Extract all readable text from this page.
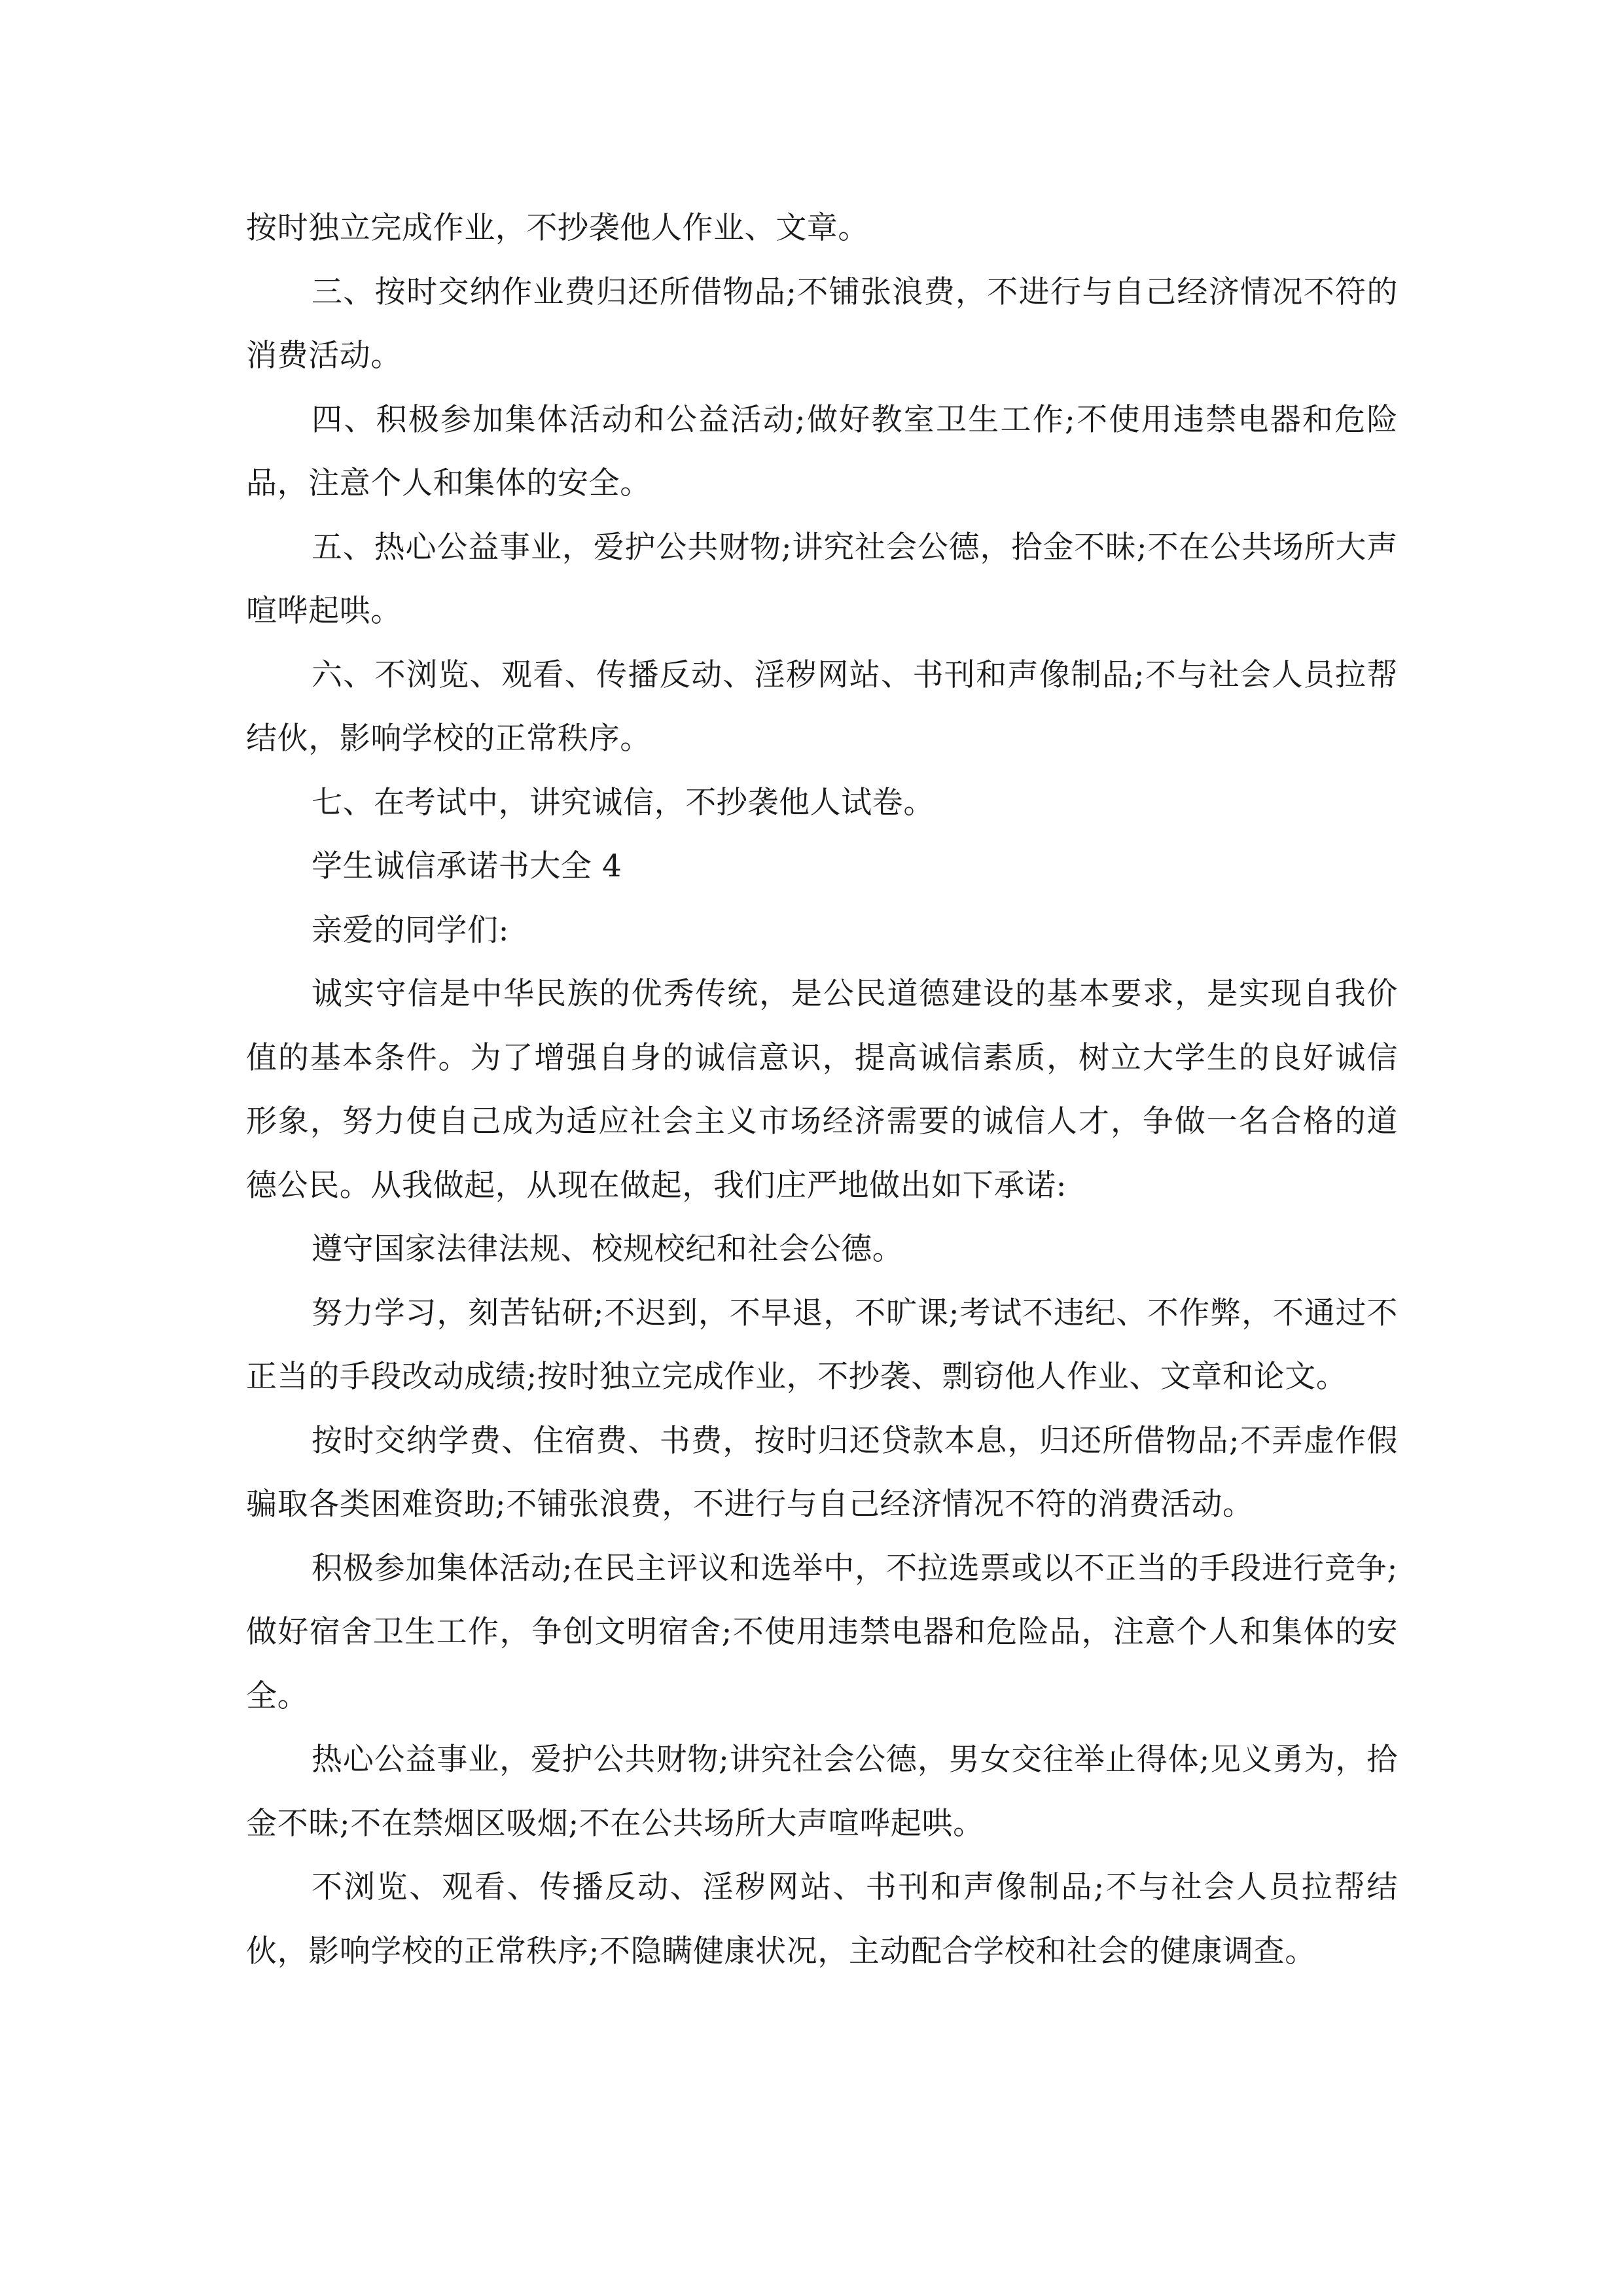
按时独立完成作业，不抄袭他人作业、文章。

三、按时交纳作业费归还所借物品;不铺张浪费，不进行与自己经济情况不符的消费活动。

四、积极参加集体活动和公益活动;做好教室卫生工作;不使用违禁电器和危险品，注意个人和集体的安全。

五、热心公益事业，爱护公共财物;讲究社会公德，拾金不昧;不在公共场所大声喧哗起哄。

六、不浏览、观看、传播反动、淫秽网站、书刊和声像制品;不与社会人员拉帮结伙，影响学校的正常秩序。

七、在考试中，讲究诚信，不抄袭他人试卷。

学生诚信承诺书大全 4

亲爱的同学们:

诚实守信是中华民族的优秀传统，是公民道德建设的基本要求，是实现自我价值的基本条件。为了增强自身的诚信意识，提高诚信素质，树立大学生的良好诚信形象，努力使自己成为适应社会主义市场经济需要的诚信人才，争做一名合格的道德公民。从我做起，从现在做起，我们庄严地做出如下承诺:

遵守国家法律法规、校规校纪和社会公德。

努力学习，刻苦钻研;不迟到，不早退，不旷课;考试不违纪、不作弊，不通过不正当的手段改动成绩;按时独立完成作业，不抄袭、剽窃他人作业、文章和论文。

按时交纳学费、住宿费、书费，按时归还贷款本息，归还所借物品;不弄虚作假骗取各类困难资助;不铺张浪费，不进行与自己经济情况不符的消费活动。

积极参加集体活动;在民主评议和选举中，不拉选票或以不正当的手段进行竞争;做好宿舍卫生工作，争创文明宿舍;不使用违禁电器和危险品，注意个人和集体的安全。

热心公益事业，爱护公共财物;讲究社会公德，男女交往举止得体;见义勇为，拾金不昧;不在禁烟区吸烟;不在公共场所大声喧哗起哄。

不浏览、观看、传播反动、淫秽网站、书刊和声像制品;不与社会人员拉帮结伙，影响学校的正常秩序;不隐瞒健康状况，主动配合学校和社会的健康调查。
